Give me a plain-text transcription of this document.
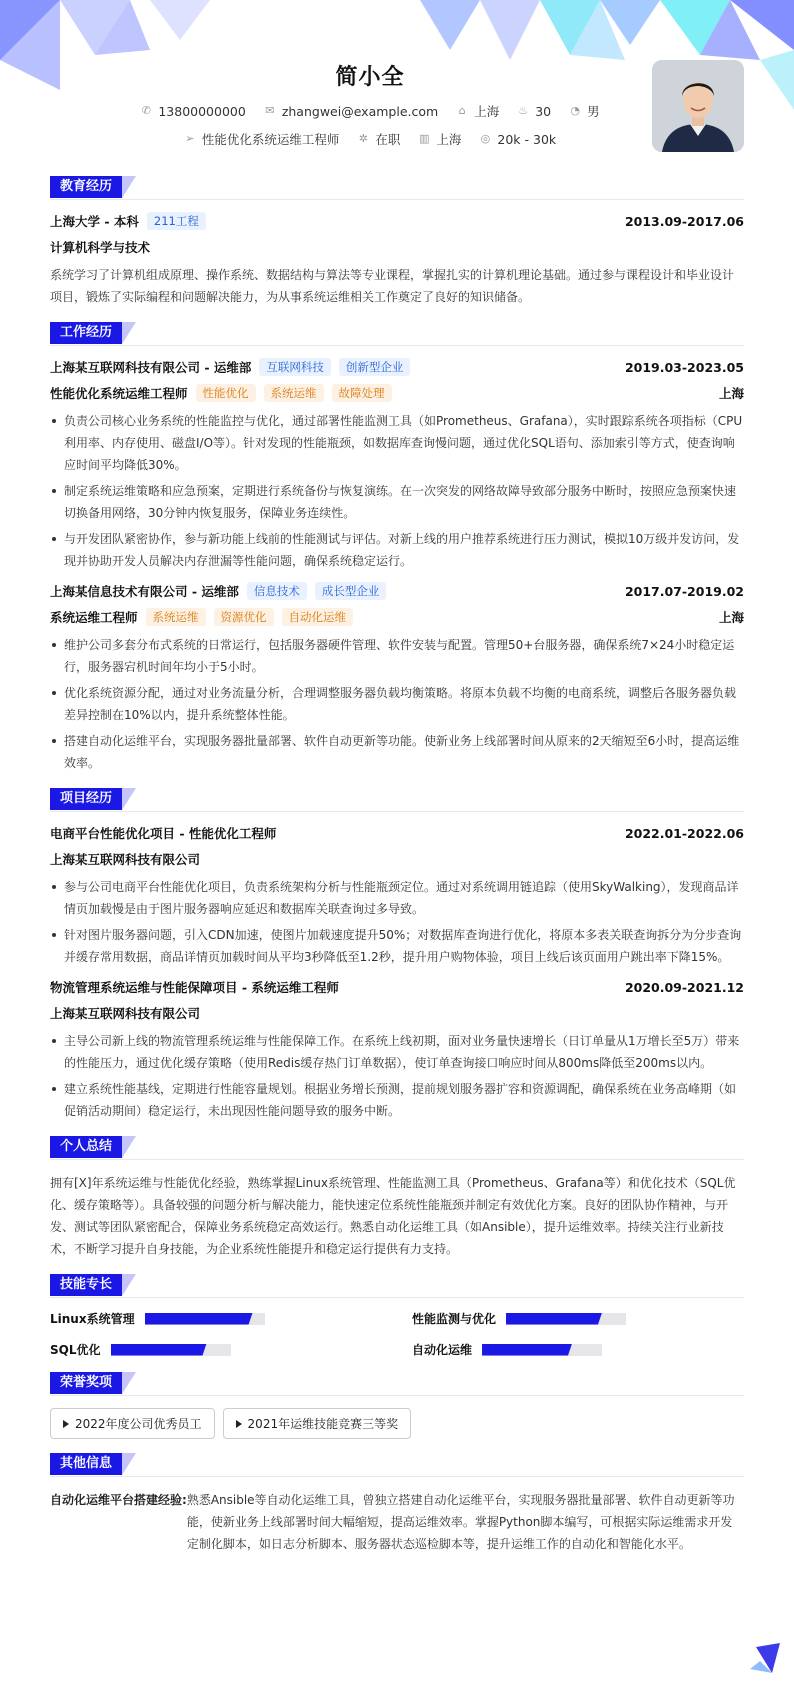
简小全
✆ 13800000000 ✉ zhangwei@example.com ⌂ 上海 ♨ 30 ◔ 男
➢ 性能优化系统运维工程师 ✲ 在职 ▥ 上海 ◎ 20k - 30k
教育经历
上海大学 - 本科	211工程	2013.09-2017.06
计算机科学与技术
系统学习了计算机组成原理、操作系统、数据结构与算法等专业课程，掌握扎实的计算机理论基础。通过参与课程设计和毕业设计项目，锻炼了实际编程和问题解决能力，为从事系统运维相关工作奠定了良好的知识储备。
工作经历
上海某互联网科技有限公司 - 运维部	互联网科技	创新型企业	2019.03-2023.05
性能优化系统运维工程师	性能优化	系统运维	故障处理	上海
负责公司核心业务系统的性能监控与优化，通过部署性能监测工具（如Prometheus、Grafana），实时跟踪系统各项指标（CPU利用率、内存使用、磁盘I/O等）。针对发现的性能瓶颈，如数据库查询慢问题，通过优化SQL语句、添加索引等方式，使查询响应时间平均降低30%。
制定系统运维策略和应急预案，定期进行系统备份与恢复演练。在一次突发的网络故障导致部分服务中断时，按照应急预案快速切换备用网络，30分钟内恢复服务，保障业务连续性。
与开发团队紧密协作，参与新功能上线前的性能测试与评估。对新上线的用户推荐系统进行压力测试，模拟10万级并发访问，发现并协助开发人员解决内存泄漏等性能问题，确保系统稳定运行。
上海某信息技术有限公司 - 运维部	信息技术	成长型企业	2017.07-2019.02
系统运维工程师	系统运维	资源优化	自动化运维	上海
维护公司多套分布式系统的日常运行，包括服务器硬件管理、软件安装与配置。管理50+台服务器，确保系统7×24小时稳定运行，服务器宕机时间年均小于5小时。
优化系统资源分配，通过对业务流量分析，合理调整服务器负载均衡策略。将原本负载不均衡的电商系统，调整后各服务器负载差异控制在10%以内，提升系统整体性能。
搭建自动化运维平台，实现服务器批量部署、软件自动更新等功能。使新业务上线部署时间从原来的2天缩短至6小时，提高运维效率。
项目经历
电商平台性能优化项目 - 性能优化工程师	2022.01-2022.06
上海某互联网科技有限公司
参与公司电商平台性能优化项目，负责系统架构分析与性能瓶颈定位。通过对系统调用链追踪（使用SkyWalking），发现商品详情页加载慢是由于图片服务器响应延迟和数据库关联查询过多导致。
针对图片服务器问题，引入CDN加速，使图片加载速度提升50%；对数据库查询进行优化，将原本多表关联查询拆分为分步查询并缓存常用数据，商品详情页加载时间从平均3秒降低至1.2秒，提升用户购物体验，项目上线后该页面用户跳出率下降15%。
物流管理系统运维与性能保障项目 - 系统运维工程师	2020.09-2021.12
上海某互联网科技有限公司
主导公司新上线的物流管理系统运维与性能保障工作。在系统上线初期，面对业务量快速增长（日订单量从1万增长至5万）带来的性能压力，通过优化缓存策略（使用Redis缓存热门订单数据），使订单查询接口响应时间从800ms降低至200ms以内。
建立系统性能基线，定期进行性能容量规划。根据业务增长预测，提前规划服务器扩容和资源调配，确保系统在业务高峰期（如促销活动期间）稳定运行，未出现因性能问题导致的服务中断。
个人总结
拥有[X]年系统运维与性能优化经验，熟练掌握Linux系统管理、性能监测工具（Prometheus、Grafana等）和优化技术（SQL优化、缓存策略等）。具备较强的问题分析与解决能力，能快速定位系统性能瓶颈并制定有效优化方案。良好的团队协作精神，与开发、测试等团队紧密配合，保障业务系统稳定高效运行。熟悉自动化运维工具（如Ansible），提升运维效率。持续关注行业新技术，不断学习提升自身技能，为企业系统性能提升和稳定运行提供有力支持。
技能专长
Linux系统管理	性能监测与优化
SQL优化	自动化运维
荣誉奖项
2022年度公司优秀员工	2021年运维技能竞赛三等奖
其他信息
自动化运维平台搭建经验: 熟悉Ansible等自动化运维工具，曾独立搭建自动化运维平台，实现服务器批量部署、软件自动更新等功能，使新业务上线部署时间大幅缩短，提高运维效率。掌握Python脚本编写，可根据实际运维需求开发定制化脚本，如日志分析脚本、服务器状态巡检脚本等，提升运维工作的自动化和智能化水平。
